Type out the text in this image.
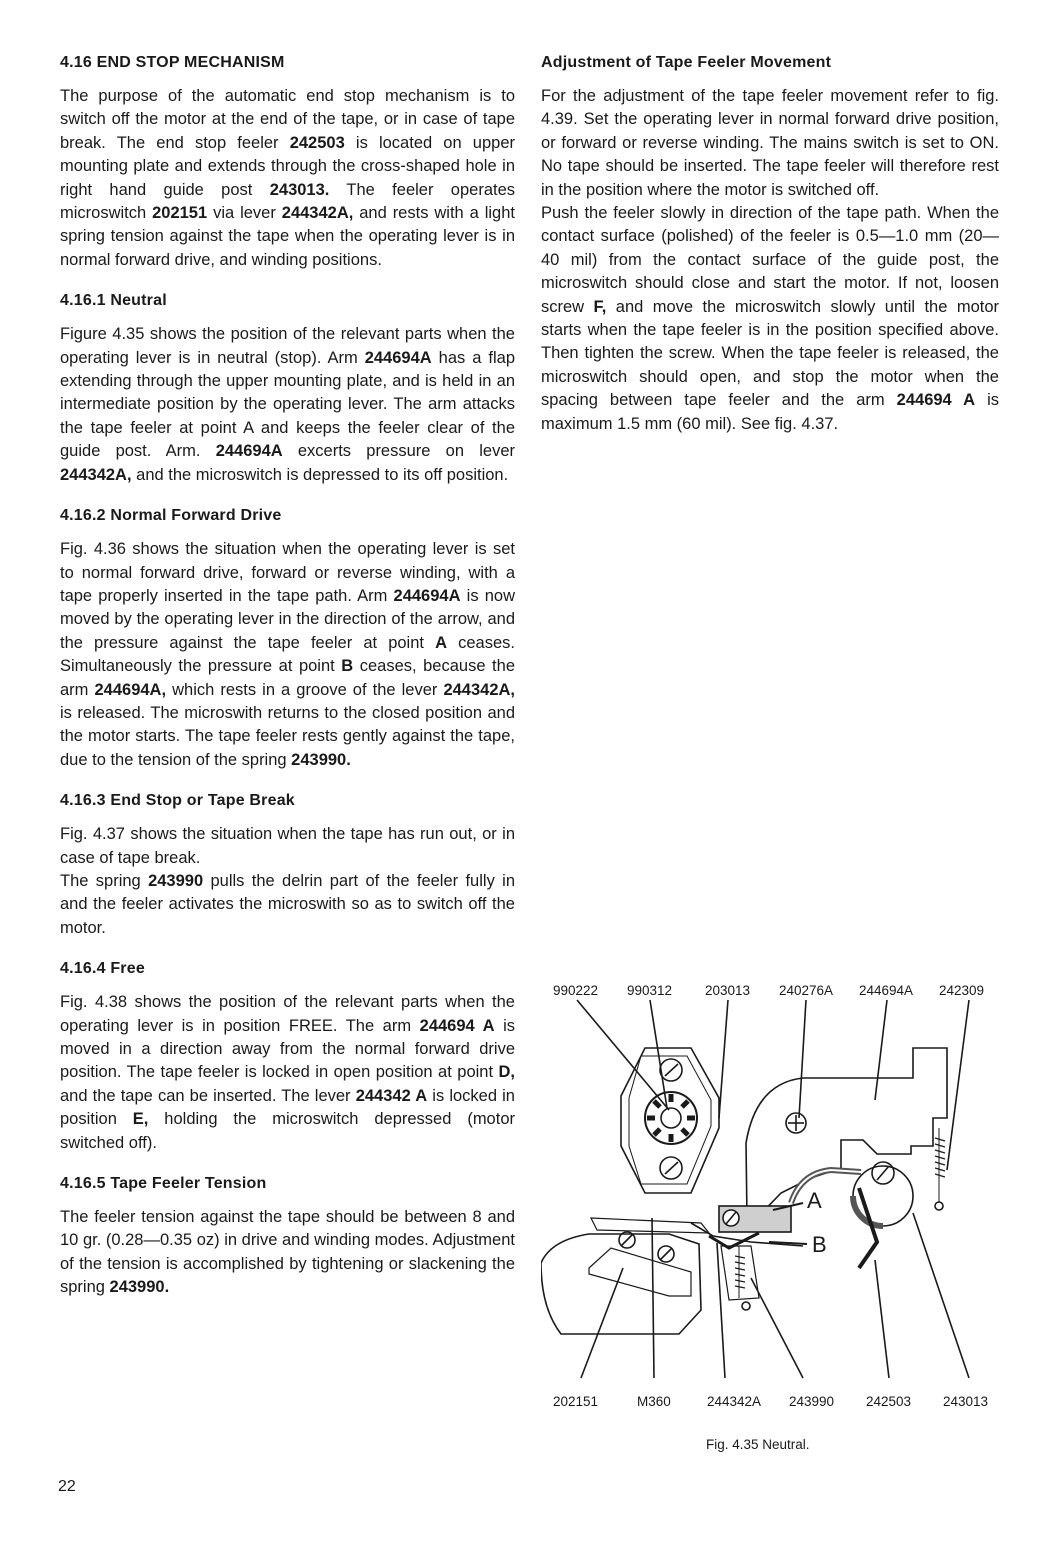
4.16 END STOP MECHANISM

The purpose of the automatic end stop mechanism is to switch off the motor at the end of the tape, or in case of tape break. The end stop feeler 242503 is located on upper mounting plate and extends through the cross-shaped hole in right hand guide post 243013. The feeler operates microswitch 202151 via lever 244342A, and rests with a light spring tension against the tape when the operating lever is in normal forward drive, and winding positions.

4.16.1 Neutral

Figure 4.35 shows the position of the relevant parts when the operating lever is in neutral (stop). Arm 244694A has a flap extending through the upper mounting plate, and is held in an intermediate position by the operating lever. The arm attacks the tape feeler at point A and keeps the feeler clear of the guide post. Arm. 244694A excerts pressure on lever 244342A, and the microswitch is depressed to its off position.

4.16.2 Normal Forward Drive

Fig. 4.36 shows the situation when the operating lever is set to normal forward drive, forward or reverse winding, with a tape properly inserted in the tape path. Arm 244694A is now moved by the operating lever in the direction of the arrow, and the pressure against the tape feeler at point A ceases. Simultaneously the pressure at point B ceases, because the arm 244694A, which rests in a groove of the lever 244342A, is released. The microswith returns to the closed position and the motor starts. The tape feeler rests gently against the tape, due to the tension of the spring 243990.

4.16.3 End Stop or Tape Break

Fig. 4.37 shows the situation when the tape has run out, or in case of tape break.
The spring 243990 pulls the delrin part of the feeler fully in and the feeler activates the microswith so as to switch off the motor.

4.16.4 Free

Fig. 4.38 shows the position of the relevant parts when the operating lever is in position FREE. The arm 244694 A is moved in a direction away from the normal forward drive position. The tape feeler is locked in open position at point D, and the tape can be inserted. The lever 244342 A is locked in position E, holding the microswitch depressed (motor switched off).

4.16.5 Tape Feeler Tension

The feeler tension against the tape should be between 8 and 10 gr. (0.28—0.35 oz) in drive and winding modes. Adjustment of the tension is accomplished by tightening or slackening the spring 243990.

Adjustment of Tape Feeler Movement

For the adjustment of the tape feeler movement refer to fig. 4.39. Set the operating lever in normal forward drive position, or forward or reverse winding. The mains switch is set to ON. No tape should be inserted. The tape feeler will therefore rest in the position where the motor is switched off.
Push the feeler slowly in direction of the tape path. When the contact surface (polished) of the feeler is 0.5—1.0 mm (20—40 mil) from the contact surface of the guide post, the microswitch should close and start the motor. If not, loosen screw F, and move the microswitch slowly until the motor starts when the tape feeler is in the position specified above. Then tighten the screw. When the tape feeler is released, the microswitch should open, and stop the motor when the spacing between tape feeler and the arm 244694 A is maximum 1.5 mm (60 mil). See fig. 4.37.

990222 990312 203013 240276A 244694A 242309
A
B
202151	M360	244342A 243990 242503 243013
Fig. 4.35 Neutral.
22
